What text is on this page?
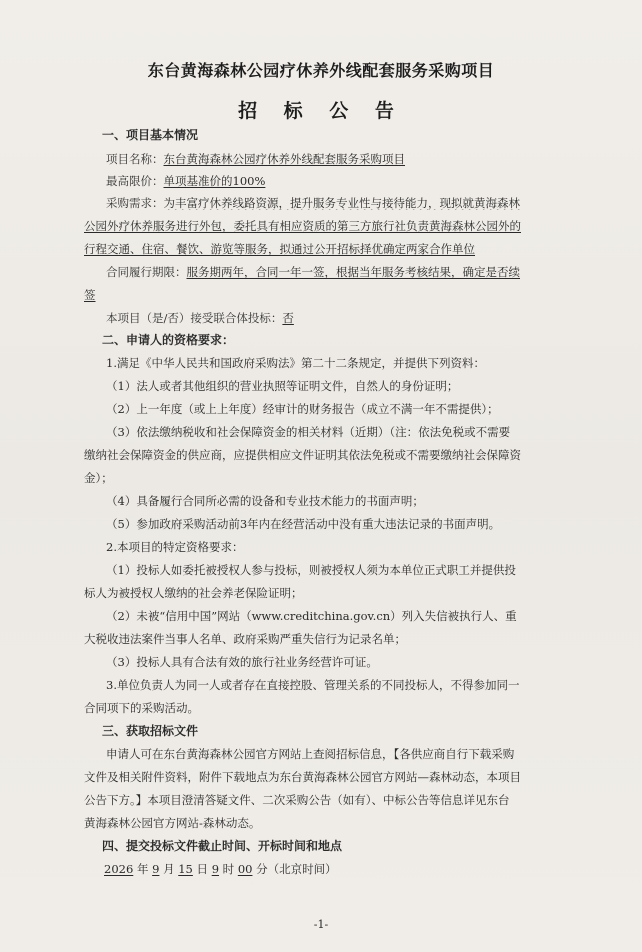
东台黄海森林公园疗休养外线配套服务采购项目
招 标 公 告
一、项目基本情况
项目名称：东台黄海森林公园疗休养外线配套服务采购项目
最高限价：单项基准价的100%
采购需求：为丰富疗休养线路资源，提升服务专业性与接待能力，现拟就黄海森林
公园外疗休养服务进行外包，委托具有相应资质的第三方旅行社负责黄海森林公园外的
行程交通、住宿、餐饮、游览等服务，拟通过公开招标择优确定两家合作单位
合同履行期限：服务期两年，合同一年一签，根据当年服务考核结果，确定是否续
签
本项目（是/否）接受联合体投标：否
二、申请人的资格要求：
1.满足《中华人民共和国政府采购法》第二十二条规定，并提供下列资料：
（1）法人或者其他组织的营业执照等证明文件，自然人的身份证明；
（2）上一年度（或上上年度）经审计的财务报告（成立不满一年不需提供）；
（3）依法缴纳税收和社会保障资金的相关材料（近期）（注：依法免税或不需要
缴纳社会保障资金的供应商，应提供相应文件证明其依法免税或不需要缴纳社会保障资
金）；
（4）具备履行合同所必需的设备和专业技术能力的书面声明；
（5）参加政府采购活动前3年内在经营活动中没有重大违法记录的书面声明。
2.本项目的特定资格要求：
（1）投标人如委托被授权人参与投标，则被授权人须为本单位正式职工并提供投
标人为被授权人缴纳的社会养老保险证明；
（2）未被“信用中国”网站（www.creditchina.gov.cn）列入失信被执行人、重
大税收违法案件当事人名单、政府采购严重失信行为记录名单；
（3）投标人具有合法有效的旅行社业务经营许可证。
3.单位负责人为同一人或者存在直接控股、管理关系的不同投标人，不得参加同一
合同项下的采购活动。
三、获取招标文件
申请人可在东台黄海森林公园官方网站上查阅招标信息，【各供应商自行下载采购
文件及相关附件资料，附件下载地点为东台黄海森林公园官方网站—森林动态，本项目
公告下方。】本项目澄清答疑文件、二次采购公告（如有）、中标公告等信息详见东台
黄海森林公园官方网站-森林动态。
四、提交投标文件截止时间、开标时间和地点
2026 年 9 月 15 日 9 时 00 分（北京时间）
-1-
